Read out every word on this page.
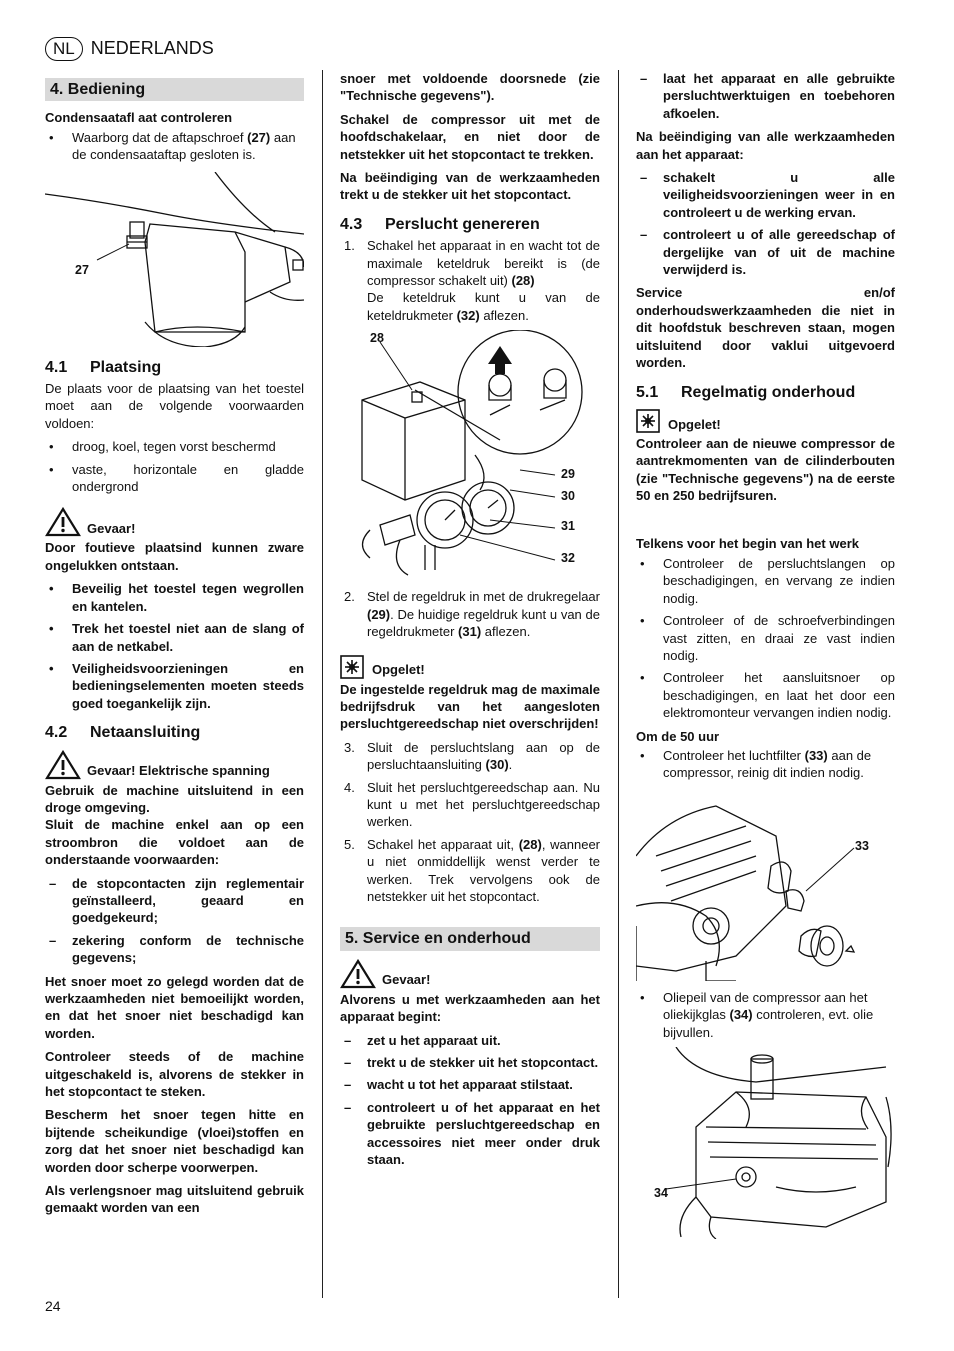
NL NEDERLANDS
4. Bediening

Condensaatafl aat controleren

• Waarborg dat de aftapschroef (27) aan de condensaataftap gesloten is.
27
4.1 Plaatsing

De plaats voor de plaatsing van het toestel moet aan de volgende voorwaarden voldoen:

• droog, koel, tegen vorst beschermd
• vaste, horizontale en gladde ondergrond
Gevaar!

Door foutieve plaatsind kunnen zware ongelukken ontstaan.

• Beveilig het toestel tegen wegrollen en kantelen.
• Trek het toestel niet aan de slang of aan de netkabel.
• Veiligheidsvoorzieningen en bedieningselementen moeten steeds goed toegankelijk zijn.
4.2 Netaansluiting
Gevaar! Elektrische spanning

Gebruik de machine uitsluitend in een droge omgeving.

Sluit de machine enkel aan op een stroombron die voldoet aan de onderstaande voorwaarden:

– de stopcontacten zijn reglementair geïnstalleerd, geaard en goedgekeurd;
– zekering conform de technische gegevens;

Het snoer moet zo gelegd worden dat de werkzaamheden niet bemoeilijkt worden, en dat het snoer niet beschadigd kan worden.

Controleer steeds of de machine uitgeschakeld is, alvorens de stekker in het stopcontact te steken.

Bescherm het snoer tegen hitte en bijtende scheikundige (vloei)stoffen en zorg dat het snoer niet beschadigd kan worden door scherpe voorwerpen.

Als verlengsnoer mag uitsluitend gebruik gemaakt worden van een

snoer met voldoende doorsnede (zie "Technische gegevens").

Schakel de compressor uit met de hoofdschakelaar, en niet door de netstekker uit het stopcontact te trekken.

Na beëindiging van de werkzaamheden trekt u de stekker uit het stopcontact.

4.3 Perslucht genereren
1. Schakel het apparaat in en wacht tot de maximale keteldruk bereikt is (de compressor schakelt uit) (28)
De keteldruk kunt u van de keteldrukmeter (32) aflezen.
28
29
30
31
32
2. Stel de regeldruk in met de drukregelaar (29). De huidige regeldruk kunt u van de regeldrukmeter (31) aflezen.
Opgelet!

De ingestelde regeldruk mag de maximale bedrijfsdruk van het aangesloten persluchtgereedschap niet overschrijden!

3. Sluit de persluchtslang aan op de persluchtaansluiting (30).
4. Sluit het persluchtgereedschap aan. Nu kunt u met het persluchtgereedschap werken.
5. Schakel het apparaat uit, (28), wanneer u niet onmiddellijk wenst verder te werken. Trek vervolgens ook de netstekker uit het stopcontact.
5. Service en onderhoud
Gevaar!

Alvorens u met werkzaamheden aan het apparaat begint:

– zet u het apparaat uit.
– trekt u de stekker uit het stopcontact.
– wacht u tot het apparaat stilstaat.
– controleert u of het apparaat en het gebruikte persluchtgereedschap en accessoires niet meer onder druk staan.
– laat het apparaat en alle gebruikte persluchtwerktuigen en toebehoren afkoelen.

Na beëindiging van alle werkzaamheden aan het apparaat:

– schakelt u alle veiligheidsvoorzieningen weer in en controleert u de werking ervan.
– controleert u of alle gereedschap of dergelijke van of uit de machine verwijderd is.

Service en/of onderhoudswerkzaamheden die niet in dit hoofdstuk beschreven staan, mogen uitsluitend door vaklui uitgevoerd worden.

5.1 Regelmatig onderhoud
Opgelet!

Controleer aan de nieuwe compressor de aantrekmomenten van de cilinderbouten (zie "Technische gegevens") na de eerste 50 en 250 bedrijfsuren.

Telkens voor het begin van het werk

• Controleer de persluchtslangen op beschadigingen, en vervang ze indien nodig.
• Controleer of de schroefverbindingen vast zitten, en draai ze vast indien nodig.
• Controleer het aansluitsnoer op beschadigingen, en laat het door een elektromonteur vervangen indien nodig.

Om de 50 uur

• Controleer het luchtfilter (33) aan de compressor, reinig dit indien nodig.
33
• Oliepeil van de compressor aan het oliekijkglas (34) controleren, evt. olie bijvullen.
34
24
